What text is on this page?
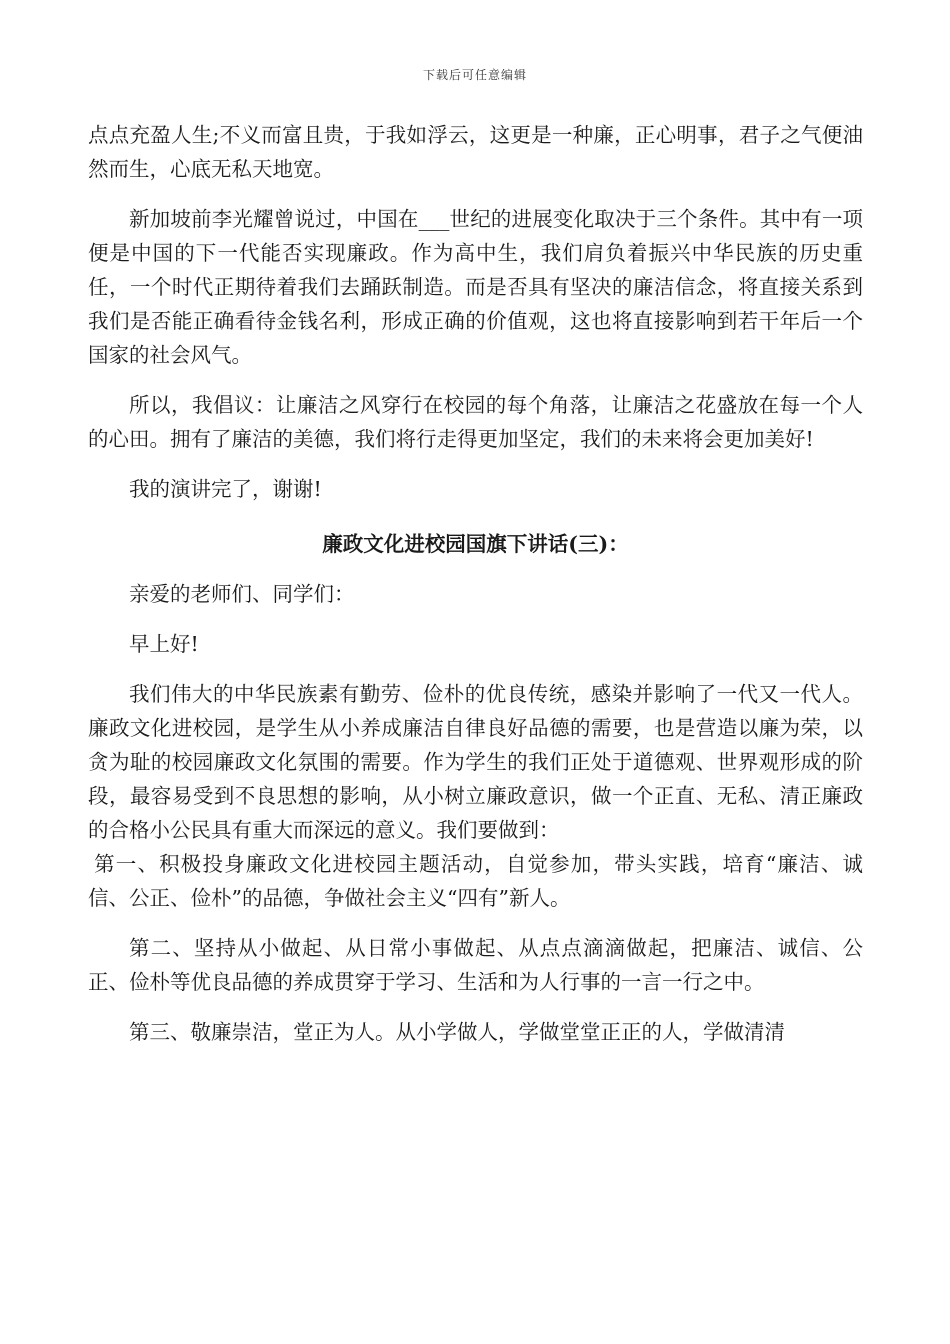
下载后可任意编辑

点点充盈人生;不义而富且贵，于我如浮云，这更是一种廉，正心明事，君子之气便油然而生，心底无私天地宽。

新加坡前李光耀曾说过，中国在___世纪的进展变化取决于三个条件。其中有一项便是中国的下一代能否实现廉政。作为高中生，我们肩负着振兴中华民族的历史重任，一个时代正期待着我们去踊跃制造。而是否具有坚决的廉洁信念，将直接关系到我们是否能正确看待金钱名利，形成正确的价值观，这也将直接影响到若干年后一个国家的社会风气。

所以，我倡议：让廉洁之风穿行在校园的每个角落，让廉洁之花盛放在每一个人的心田。拥有了廉洁的美德，我们将行走得更加坚定，我们的未来将会更加美好!

我的演讲完了，谢谢!

廉政文化进校园国旗下讲话(三)：

亲爱的老师们、同学们：

早上好!

我们伟大的中华民族素有勤劳、俭朴的优良传统，感染并影响了一代又一代人。廉政文化进校园，是学生从小养成廉洁自律良好品德的需要，也是营造以廉为荣，以贪为耻的校园廉政文化氛围的需要。作为学生的我们正处于道德观、世界观形成的阶段，最容易受到不良思想的影响，从小树立廉政意识，做一个正直、无私、清正廉政的合格小公民具有重大而深远的意义。我们要做到：

第一、积极投身廉政文化进校园主题活动，自觉参加，带头实践，培育“廉洁、诚信、公正、俭朴”的品德，争做社会主义“四有”新人。

第二、坚持从小做起、从日常小事做起、从点点滴滴做起，把廉洁、诚信、公正、俭朴等优良品德的养成贯穿于学习、生活和为人行事的一言一行之中。

第三、敬廉崇洁，堂正为人。从小学做人，学做堂堂正正的人，学做清清
